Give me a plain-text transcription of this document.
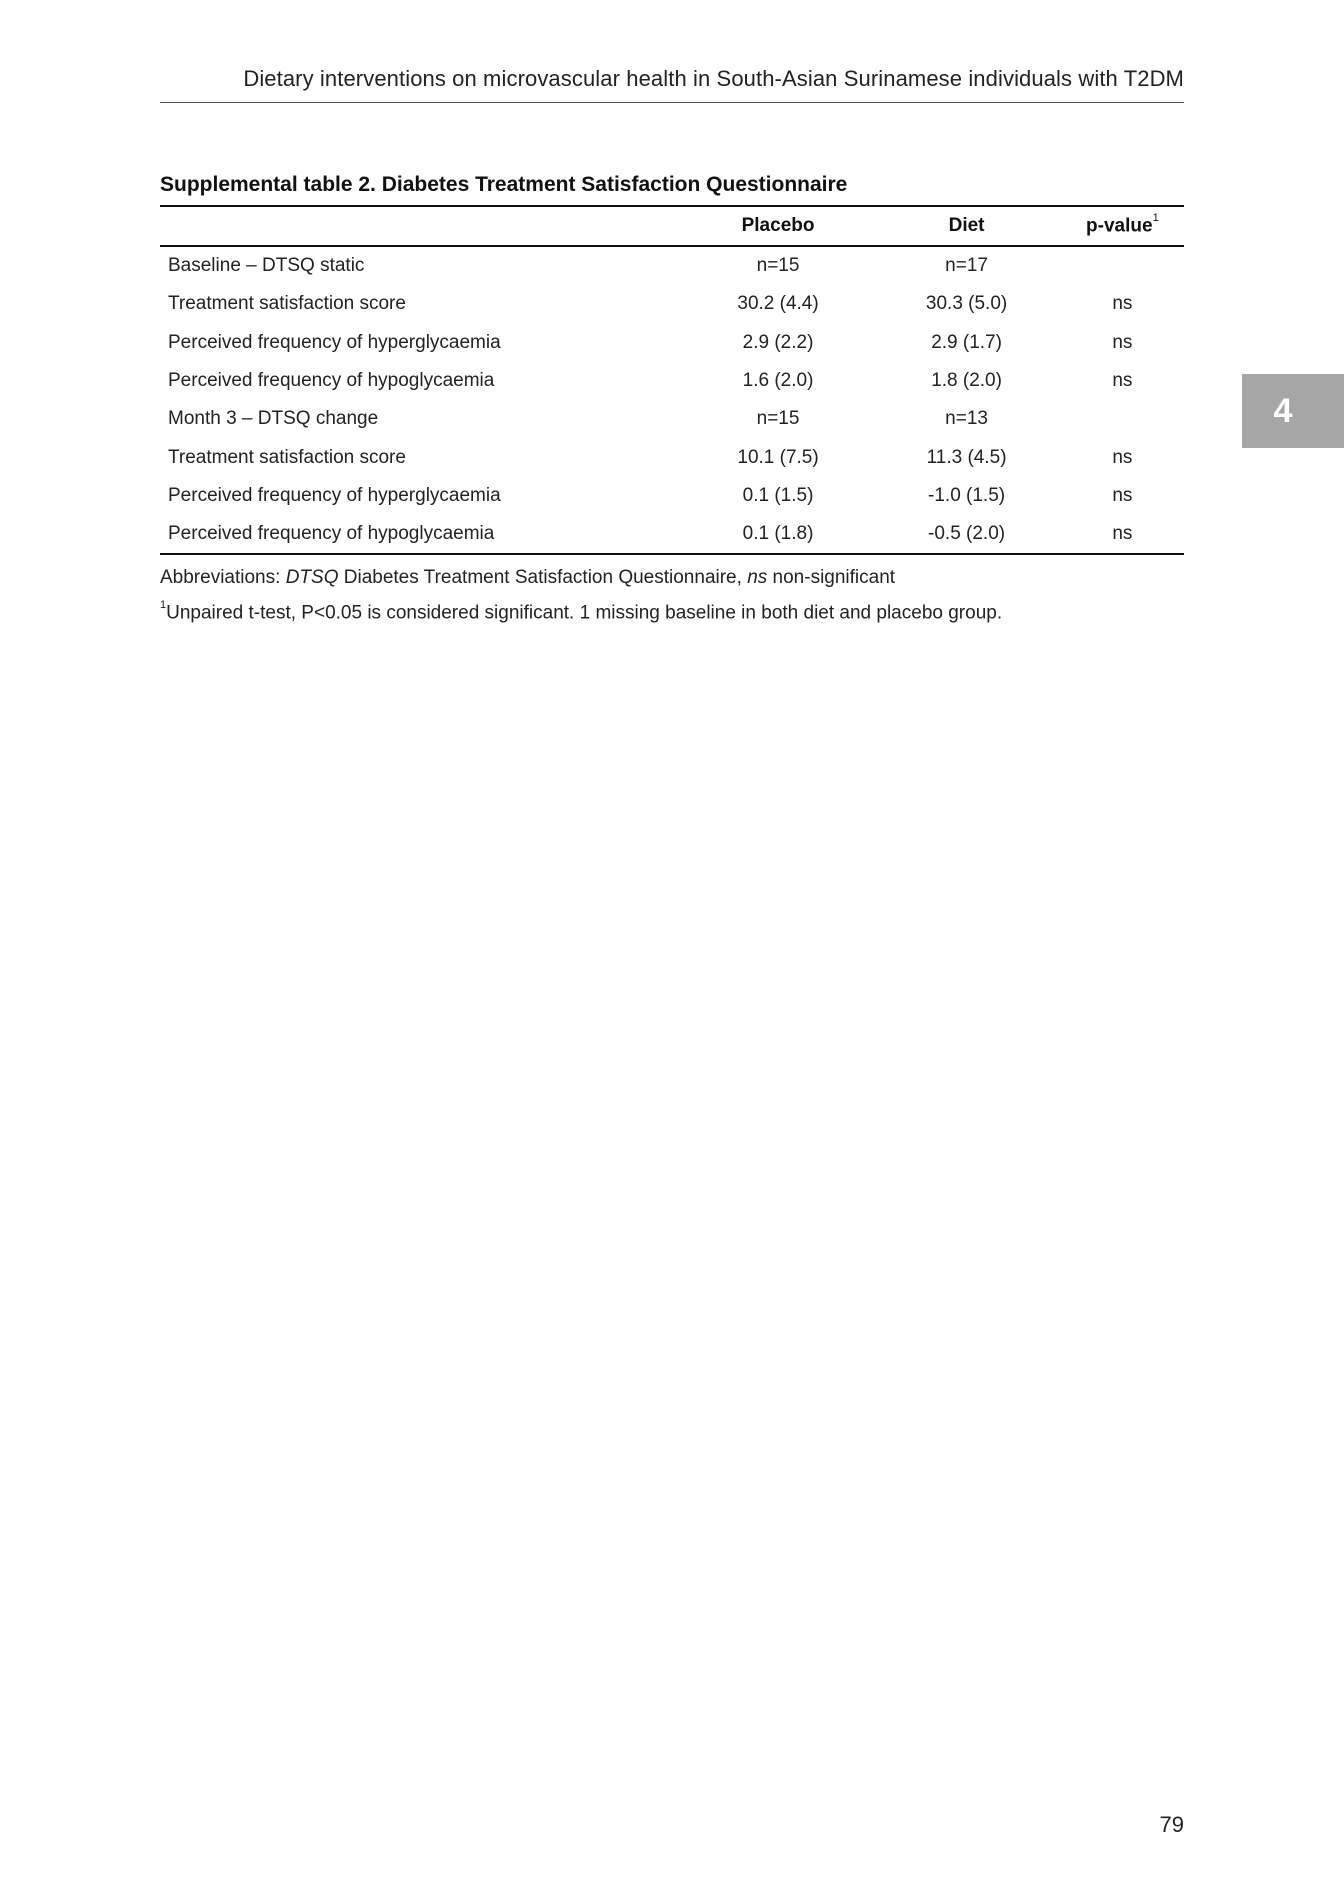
Dietary interventions on microvascular health in South-Asian Surinamese individuals with T2DM
Supplemental table 2. Diabetes Treatment Satisfaction Questionnaire
	Placebo	Diet	p-value$^1$
Baseline – DTSQ static	n=15	n=17	
Treatment satisfaction score	30.2 (4.4)	30.3 (5.0)	ns
Perceived frequency of hyperglycaemia	2.9 (2.2)	2.9 (1.7)	ns
Perceived frequency of hypoglycaemia	1.6 (2.0)	1.8 (2.0)	ns
Month 3 – DTSQ change	n=15	n=13	
Treatment satisfaction score	10.1 (7.5)	11.3 (4.5)	ns
Perceived frequency of hyperglycaemia	0.1 (1.5)	-1.0 (1.5)	ns
Perceived frequency of hypoglycaemia	0.1 (1.8)	-0.5 (2.0)	ns
Abbreviations: DTSQ Diabetes Treatment Satisfaction Questionnaire, ns non-significant
$^1$Unpaired t-test, P<0.05 is considered significant. 1 missing baseline in both diet and placebo group.
4
79
